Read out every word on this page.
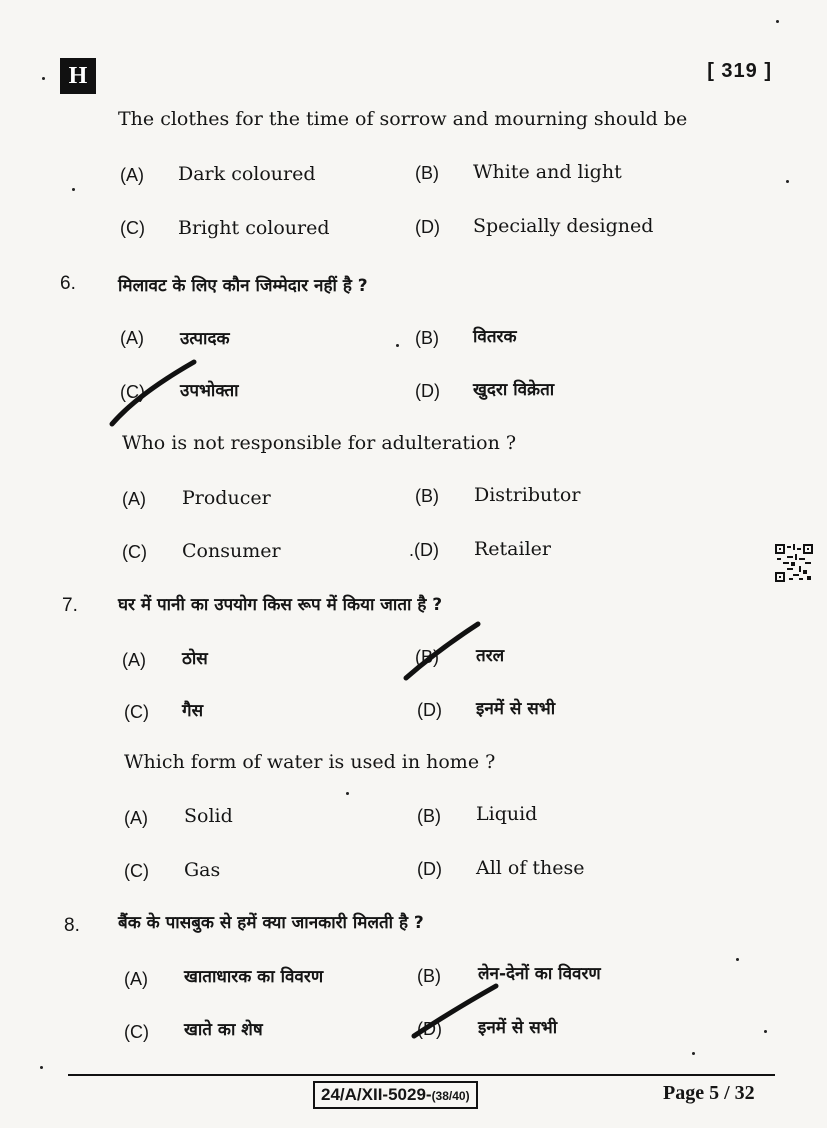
H	[ 319 ]
The clothes for the time of sorrow and mourning should be
(A) Dark coloured	(B) White and light
(C) Bright coloured	(D) Specially designed
6. मिलावट के लिए कौन जिम्मेदार नहीं है ?
(A) उत्पादक	(B) वितरक
(C) उपभोक्ता	(D) खुदरा विक्रेता
Who is not responsible for adulteration ?
(A) Producer	(B) Distributor
(C) Consumer	.(D) Retailer
7. घर में पानी का उपयोग किस रूप में किया जाता है ?
(A) ठोस	(B) तरल
(C) गैस	(D) इनमें से सभी
Which form of water is used in home ?
(A) Solid	(B) Liquid
(C) Gas	(D) All of these
8. बैंक के पासबुक से हमें क्या जानकारी मिलती है ?
(A) खाताधारक का विवरण	(B) लेन-देनों का विवरण
(C) खाते का शेष	(D) इनमें से सभी
24/A/XII-5029-(38/40)	Page 5 / 32
